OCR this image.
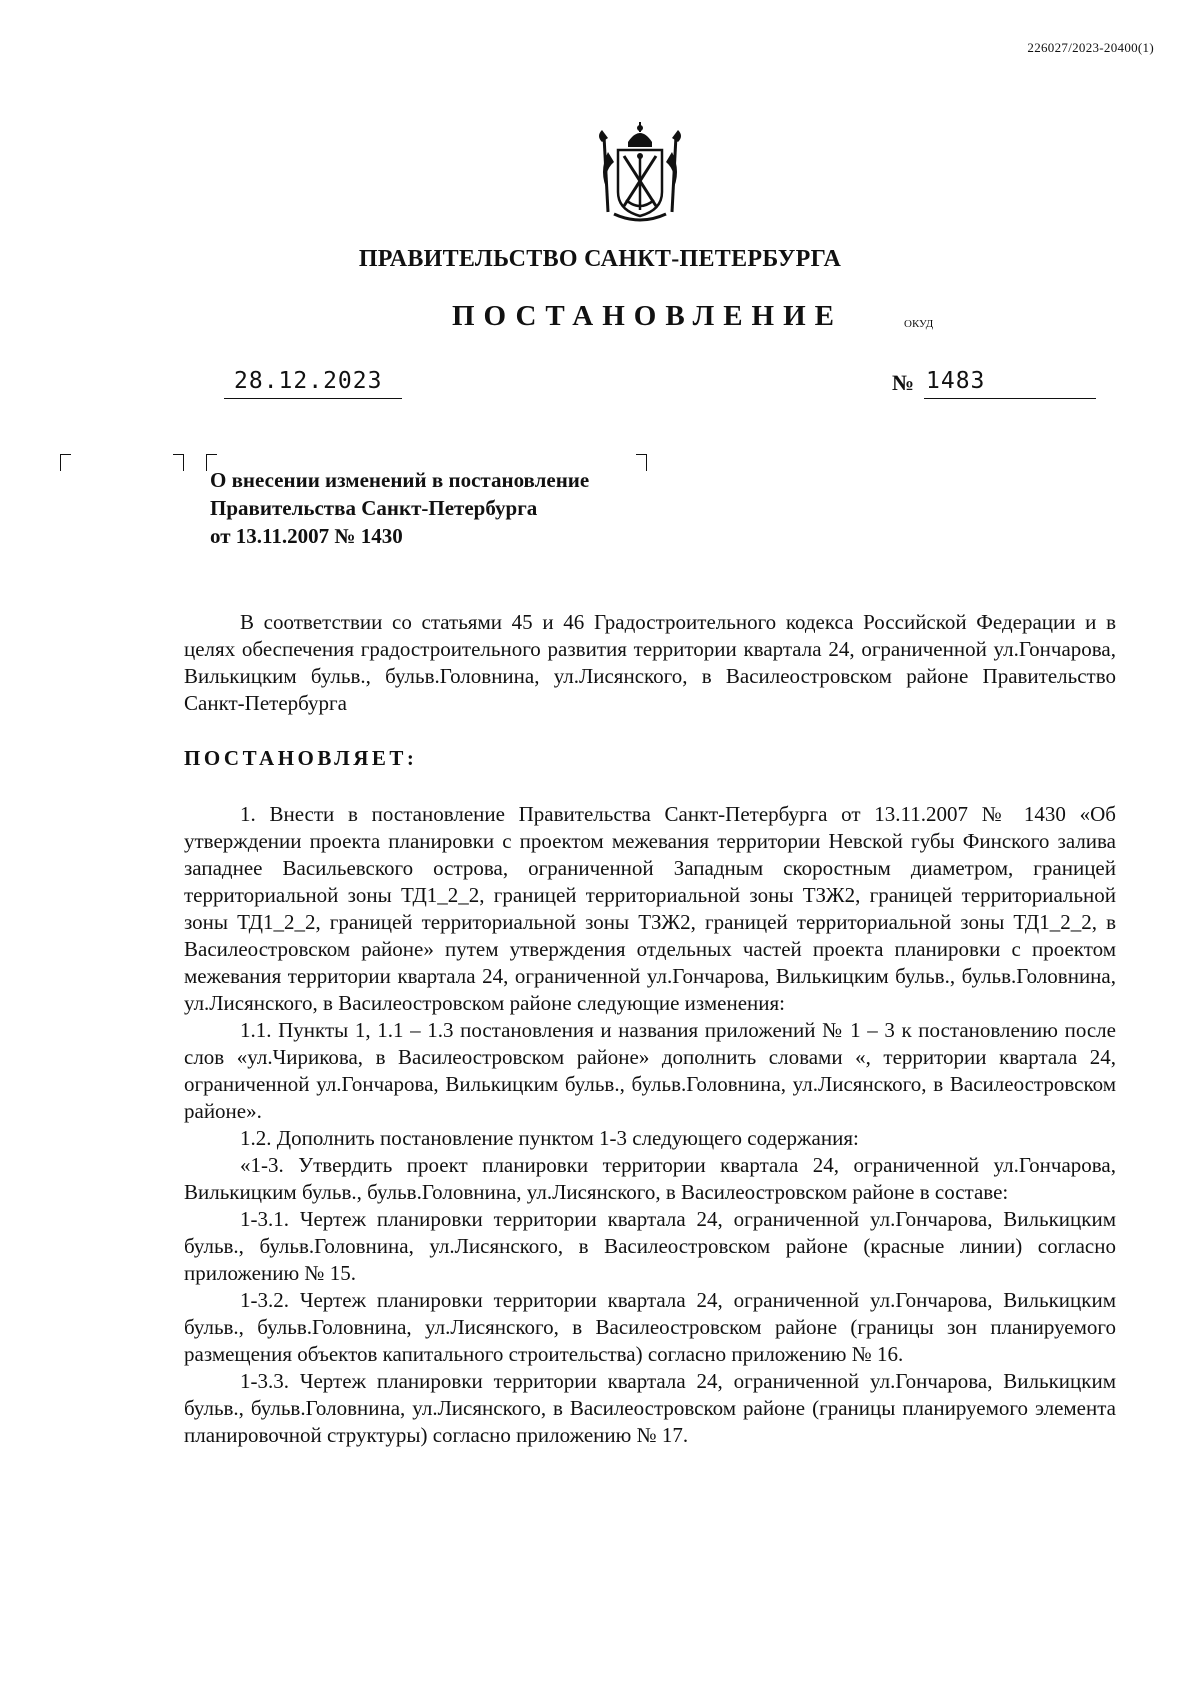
226027/2023-20400(1)
ПРАВИТЕЛЬСТВО САНКТ-ПЕТЕРБУРГА
ПОСТАНОВЛЕНИЕ	ОКУД
28.12.2023	№ 1483
О внесении изменений в постановление
Правительства Санкт-Петербурга
от 13.11.2007 № 1430

В соответствии со статьями 45 и 46 Градостроительного кодекса Российской Федерации и в целях обеспечения градостроительного развития территории квартала 24, ограниченной ул.Гончарова, Вилькицким бульв., бульв.Головнина, ул.Лисянского, в Василеостровском районе Правительство Санкт-Петербурга

ПОСТАНОВЛЯЕТ:

1. Внести в постановление Правительства Санкт-Петербурга от 13.11.2007 № 1430 «Об утверждении проекта планировки с проектом межевания территории Невской губы Финского залива западнее Васильевского острова, ограниченной Западным скоростным диаметром, границей территориальной зоны ТД1_2_2, границей территориальной зоны ТЗЖ2, границей территориальной зоны ТД1_2_2, границей территориальной зоны ТЗЖ2, границей территориальной зоны ТД1_2_2, в Василеостровском районе» путем утверждения отдельных частей проекта планировки с проектом межевания территории квартала 24, ограниченной ул.Гончарова, Вилькицким бульв., бульв.Головнина, ул.Лисянского, в Василеостровском районе следующие изменения:

1.1. Пункты 1, 1.1 – 1.3 постановления и названия приложений № 1 – 3 к постановлению после слов «ул.Чирикова, в Василеостровском районе» дополнить словами «, территории квартала 24, ограниченной ул.Гончарова, Вилькицким бульв., бульв.Головнина, ул.Лисянского, в Василеостровском районе».

1.2. Дополнить постановление пунктом 1-3 следующего содержания:

«1-3. Утвердить проект планировки территории квартала 24, ограниченной ул.Гончарова, Вилькицким бульв., бульв.Головнина, ул.Лисянского, в Василеостровском районе в составе:

1-3.1. Чертеж планировки территории квартала 24, ограниченной ул.Гончарова, Вилькицким бульв., бульв.Головнина, ул.Лисянского, в Василеостровском районе (красные линии) согласно приложению № 15.

1-3.2. Чертеж планировки территории квартала 24, ограниченной ул.Гончарова, Вилькицким бульв., бульв.Головнина, ул.Лисянского, в Василеостровском районе (границы зон планируемого размещения объектов капитального строительства) согласно приложению № 16.

1-3.3. Чертеж планировки территории квартала 24, ограниченной ул.Гончарова, Вилькицким бульв., бульв.Головнина, ул.Лисянского, в Василеостровском районе (границы планируемого элемента планировочной структуры) согласно приложению № 17.
